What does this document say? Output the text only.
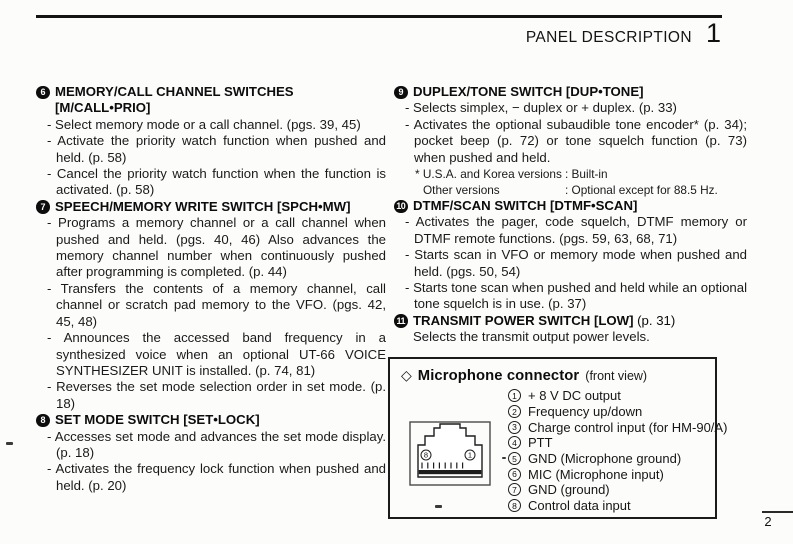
PANEL DESCRIPTION 1
6 MEMORY/CALL CHANNEL SWITCHES
[M/CALL•PRIO]
- Select memory mode or a call channel. (pgs. 39, 45)
- Activate the priority watch function when pushed and held. (p. 58)
- Cancel the priority watch function when the function is activated. (p. 58)
7 SPEECH/MEMORY WRITE SWITCH [SPCH•MW]
- Programs a memory channel or a call channel when pushed and held. (pgs. 40, 46) Also advances the memory channel number when continuously pushed after programming is completed. (p. 44)
- Transfers the contents of a memory channel, call channel or scratch pad memory to the VFO. (pgs. 42, 45, 48)
- Announces the accessed band frequency in a synthesized voice when an optional UT-66 VOICE SYNTHESIZER UNIT is installed. (p. 74, 81)
- Reverses the set mode selection order in set mode. (p. 18)
8 SET MODE SWITCH [SET•LOCK]
- Accesses set mode and advances the set mode display. (p. 18)
- Activates the frequency lock function when pushed and held. (p. 20)
9 DUPLEX/TONE SWITCH [DUP•TONE]
- Selects simplex, − duplex or + duplex. (p. 33)
- Activates the optional subaudible tone encoder* (p. 34); pocket beep (p. 72) or tone squelch function (p. 73) when pushed and held.
* U.S.A. and Korea versions : Built-in
Other versions	: Optional except for 88.5 Hz.
10 DTMF/SCAN SWITCH [DTMF•SCAN]
- Activates the pager, code squelch, DTMF memory or DTMF remote functions. (pgs. 59, 63, 68, 71)
- Starts scan in VFO or memory mode when pushed and held. (pgs. 50, 54)
- Starts tone scan when pushed and held while an optional tone squelch is in use. (p. 37)
11 TRANSMIT POWER SWITCH [LOW] (p. 31)
Selects the transmit output power levels.
◇ Microphone connector (front view)
8	1
1 + 8 V DC output
2 Frequency up/down
3 Charge control input (for HM-90/A)
4 PTT
5 GND (Microphone ground)
6 MIC (Microphone input)
7 GND (ground)
8 Control data input
2
